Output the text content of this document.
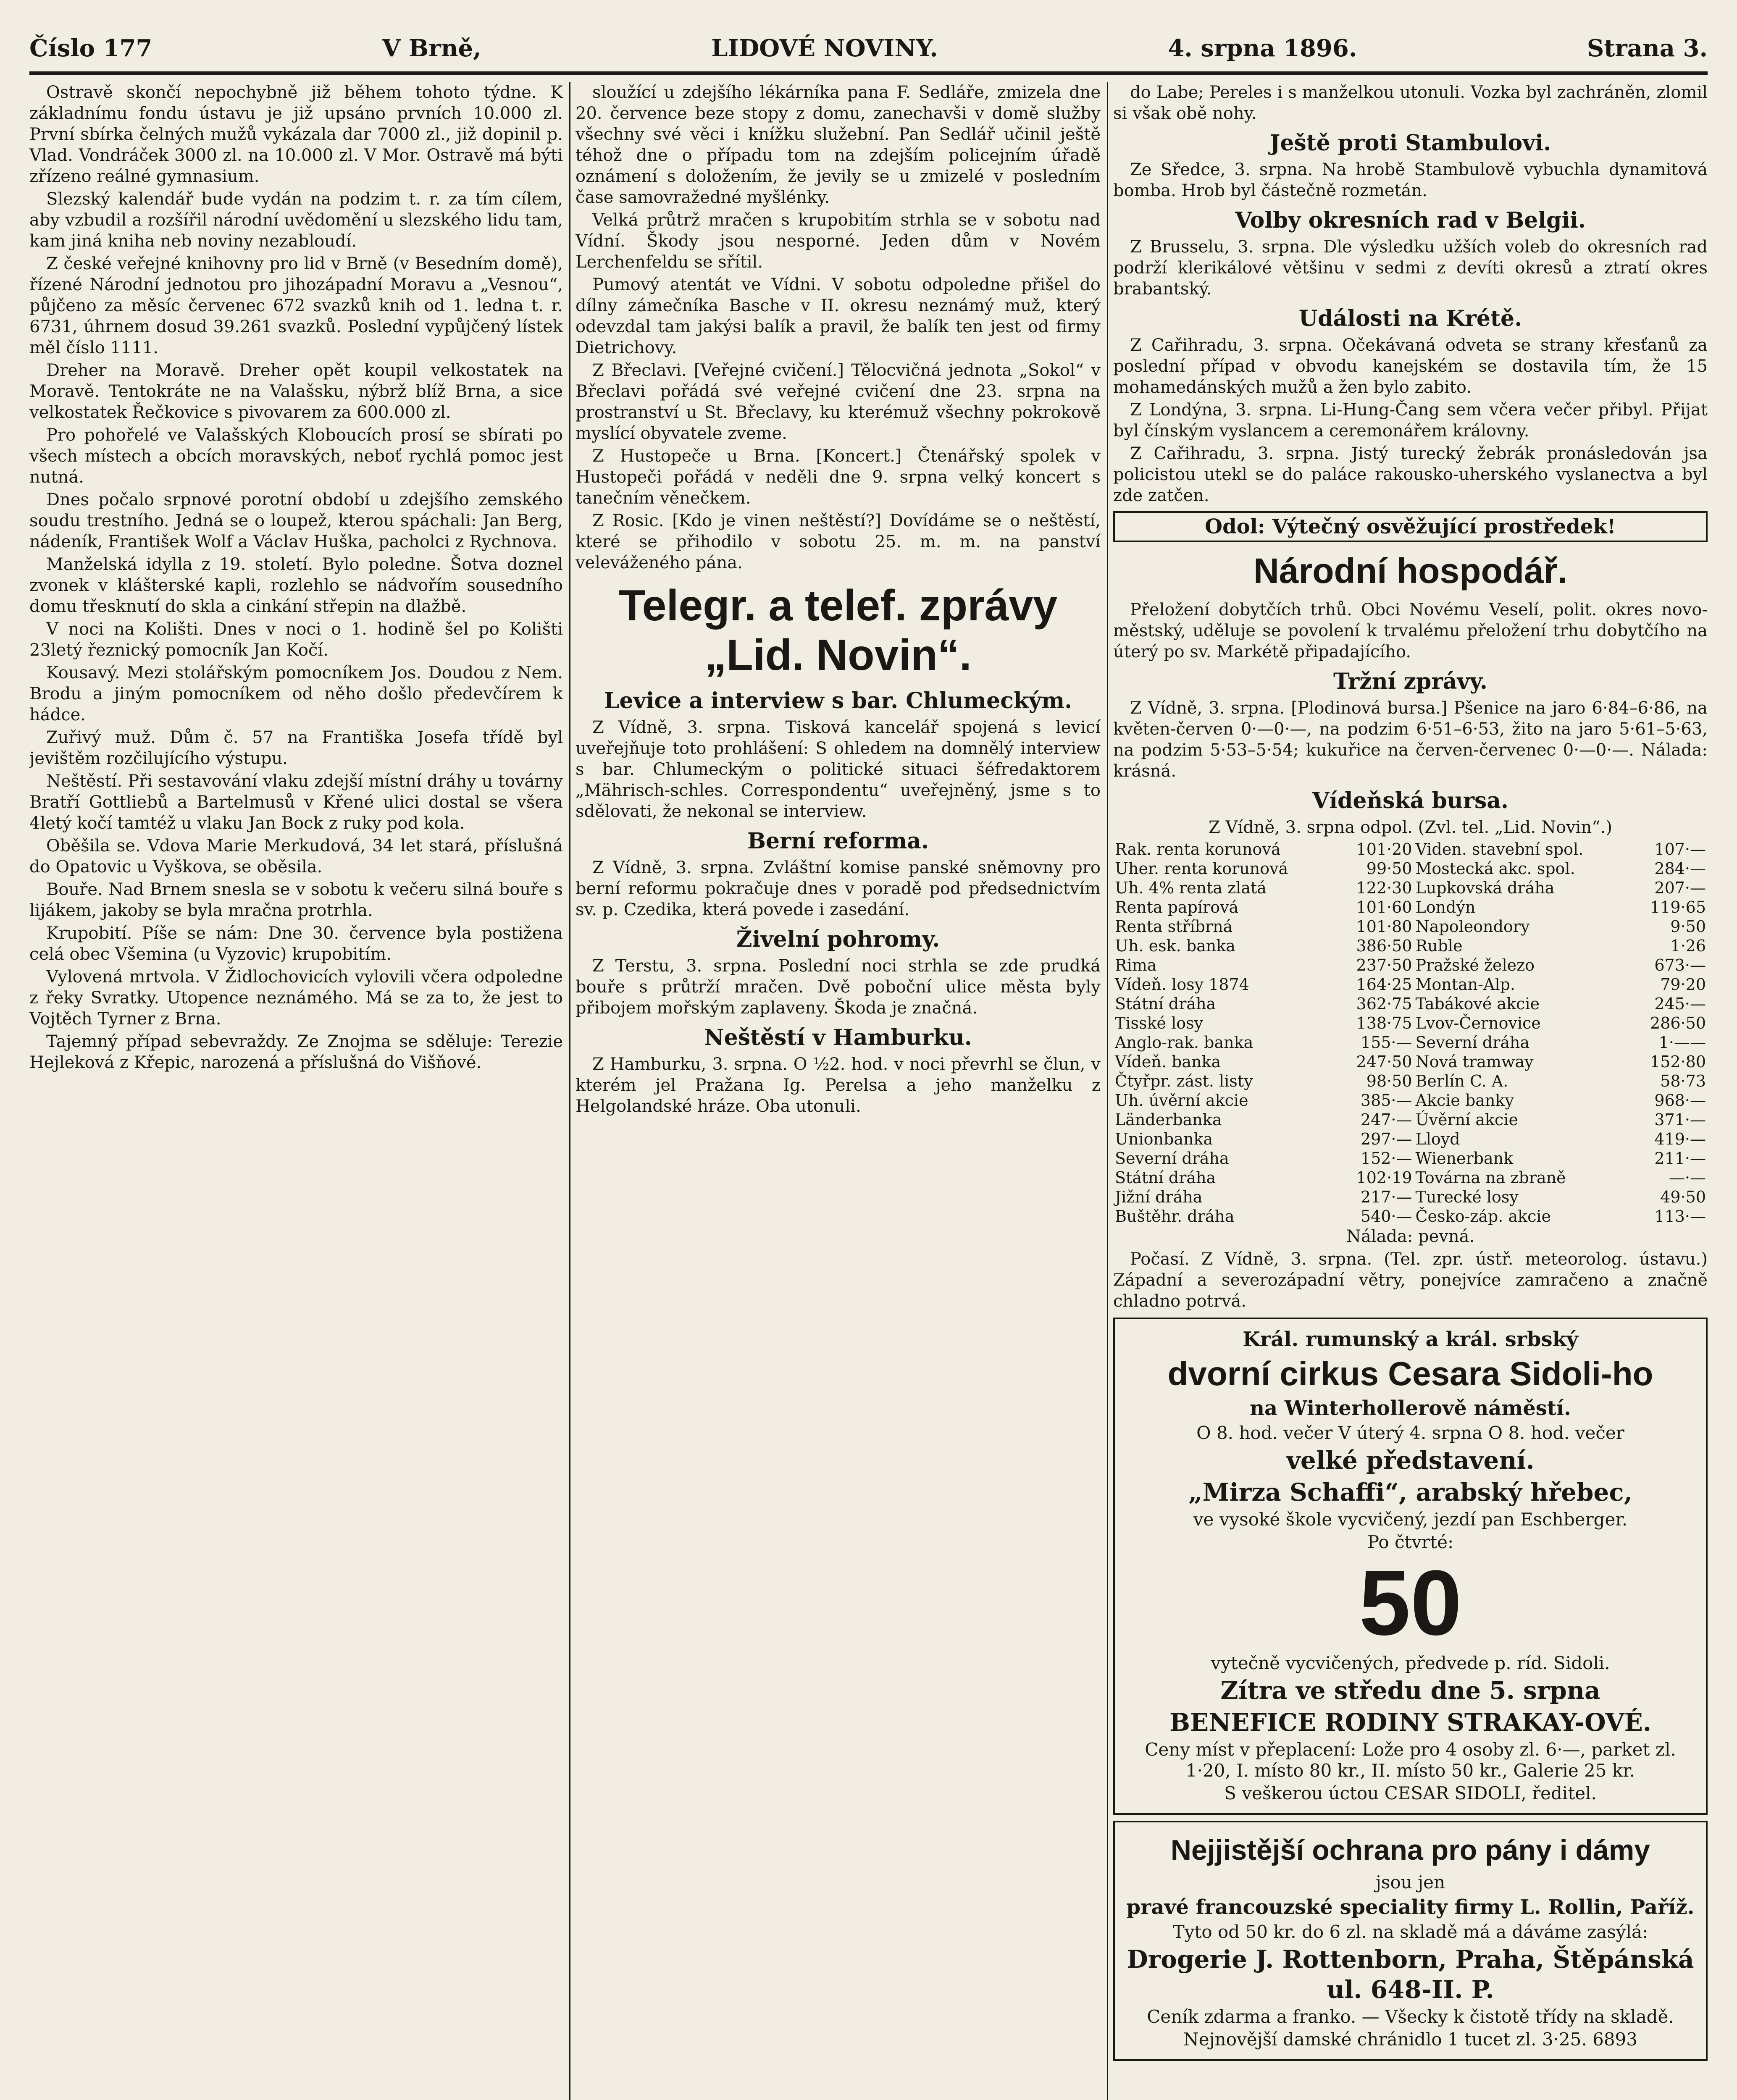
Číslo 177	V Brně,	LIDOVÉ NOVINY.	4. srpna 1896.	Strana 3.

Ostravě skončí nepochybně již během tohoto týdne. K základnímu fondu ústavu je již upsáno prvních 10.000 zl. První sbírka čelných mužů vykázala dar 7000 zl., již dopinil p. Vlad. Vondráček 3000 zl. na 10.000 zl. V Mor. Ostravě má býti zřízeno reálné gymnasium.

Slezský kalendář bude vydán na podzim t. r. za tím cílem, aby vzbudil a rozšířil národní uvědomění u slezského lidu tam, kam jiná kniha neb noviny nezabloudí.

Z české veřejné knihovny pro lid v Brně (v Besedním domě), řízené Národní jednotou pro jihozápadní Moravu a „Vesnou“, půjčeno za měsíc červenec 672 svazků knih od 1. ledna t. r. 6731, úhrnem dosud 39.261 svazků. Poslední vypůjčený lístek měl číslo 1111.

Dreher na Moravě. Dreher opět koupil velkostatek na Moravě. Tentokráte ne na Valašsku, nýbrž blíž Brna, a sice velkostatek Řečkovice s pivovarem za 600.000 zl.

Pro pohořelé ve Valašských Kloboucích prosí se sbírati po všech místech a obcích moravských, neboť rychlá pomoc jest nutná.

Dnes počalo srpnové porotní období u zdejšího zemského soudu trestního. Jedná se o loupež, kterou spáchali: Jan Berg, nádeník, František Wolf a Václav Huška, pacholci z Rychnova.

Manželská idylla z 19. století. Bylo poledne. Šotva doznel zvonek v klášterské kapli, rozlehlo se nádvořím sousedního domu třesknutí do skla a cinkání střepin na dlažbě.

V noci na Kolišti. Dnes v noci o 1. hodině šel po Kolišti 23letý řeznický pomocník Jan Kočí.

Kousavý. Mezi stolářským pomocníkem Jos. Doudou z Nem. Brodu a jiným pomocníkem od něho došlo předevčírem k hádce.

Zuřivý muž. Dům č. 57 na Františka Josefa třídě byl jevištěm rozčilujícího výstupu.

Neštěstí. Při sestavování vlaku zdejší místní dráhy u továrny Bratří Gottliebů a Bartelmusů v Křené ulici dostal se všera 4letý kočí tamtéž u vlaku Jan Bock z ruky pod kola.

Oběšila se. Vdova Marie Merkudová, 34 let stará, příslušná do Opatovic u Vyškova, se oběsila.

Bouře. Nad Brnem snesla se v sobotu k večeru silná bouře s lijákem, jakoby se byla mračna protrhla.

Krupobití. Píše se nám: Dne 30. července byla postižena celá obec Všemina (u Vyzovic) krupobitím.

Vylovená mrtvola. V Židlochovicích vylovili včera odpoledne z řeky Svratky. Utopence neznámého. Má se za to, že jest to Vojtěch Tyrner z Brna.

Tajemný případ sebevraždy. Ze Znojma se sděluje: Terezie Hejleková z Křepic, narozená a příslušná do Višňové.

sloužící u zdejšího lékárníka pana F. Sedláře, zmizela dne 20. července beze stopy z domu, zanechavši v domě služby všechny své věci i knížku služební. Pan Sedlář učinil ještě téhož dne o případu tom na zdejším policejním úřadě oznámení s doložením, že jevily se u zmizelé v posledním čase samovražedné myšlénky.

Velká průtrž mračen s krupobitím strhla se v sobotu nad Vídní. Škody jsou nesporné. Jeden dům v Novém Lerchenfeldu se sřítil.

Pumový atentát ve Vídni. V sobotu odpoledne přišel do dílny zámečníka Basche v II. okresu neznámý muž, který odevzdal tam jakýsi balík a pravil, že balík ten jest od firmy Dietrichovy.

Z Břeclavi. [Veřejné cvičení.] Tělocvičná jednota „Sokol“ v Břeclavi pořádá své veřejné cvičení dne 23. srpna na prostranství u St. Břeclavy, ku kterémuž všechny pokrokově myslící obyvatele zveme.

Z Hustopeče u Brna. [Koncert.] Čtenářský spolek v Hustopeči pořádá v neděli dne 9. srpna velký koncert s tanečním věnečkem.

Z Rosic. [Kdo je vinen neštěstí?] Dovídáme se o neštěstí, které se přihodilo v sobotu 25. m. m. na panství veleváženého pána.

Telegr. a telef. zprávy „Lid. Novin“.

Levice a interview s bar. Chlumeckým.

Z Vídně, 3. srpna. Tisková kancelář spojená s levicí uveřejňuje toto prohlášení: S ohledem na domnělý interview s bar. Chlumeckým o politické situaci šéfredaktorem „Mährisch-schles. Correspondentu“ uveřejněný, jsme s to sdělovati, že nekonal se interview.

Berní reforma.

Z Vídně, 3. srpna. Zvláštní komise panské sněmovny pro berní reformu pokračuje dnes v poradě pod předsednictvím sv. p. Czedika, která povede i zasedání.

Živelní pohromy.

Z Terstu, 3. srpna. Poslední noci strhla se zde prudká bouře s průtrží mračen. Dvě poboční ulice města byly přibojem mořským zaplaveny. Škoda je značná.

Neštěstí v Hamburku.

Z Hamburku, 3. srpna. O ½2. hod. v noci převrhl se člun, v kterém jel Pražana Ig. Perelsa a jeho manželku z Helgolandské hráze. Oba utonuli.

do Labe; Pereles i s manželkou utonuli. Vozka byl zachráněn, zlomil si však obě nohy.

Ještě proti Stambulovi.

Ze Sředce, 3. srpna. Na hrobě Stambulově vybuchla dynamitová bomba. Hrob byl částečně rozmetán.

Volby okresních rad v Belgii.

Z Brusselu, 3. srpna. Dle výsledku užších voleb do okresních rad podrží klerikálové většinu v sedmi z devíti okresů a ztratí okres brabantský.

Události na Krétě.

Z Cařihradu, 3. srpna. Očekávaná odveta se strany křesťanů za poslední případ v obvodu kanejském se dostavila tím, že 15 mohamedánských mužů a žen bylo zabito.

Z Londýna, 3. srpna. Li-Hung-Čang sem včera večer přibyl. Přijat byl čínským vyslancem a ceremonářem královny.

Z Cařihradu, 3. srpna. Jistý turecký žebrák pronásledován jsa policistou utekl se do paláce rakousko-uherského vyslanectva a byl zde zatčen.

Odol: Výtečný osvěžující prostředek!

Národní hospodář.

Přeložení dobytčích trhů. Obci Novému Veselí, polit. okres novo-městský, uděluje se povolení k trvalému přeložení trhu dobytčího na úterý po sv. Markétě připadajícího.

Tržní zprávy.

Z Vídně, 3. srpna. [Plodinová bursa.] Pšenice na jaro 6·84–6·86, na květen-červen 0·—0·—, na podzim 6·51–6·53, žito na jaro 5·61–5·63, na podzim 5·53–5·54; kukuřice na červen-červenec 0·—0·—. Nálada: krásná.

Vídeňská bursa.

Z Vídně, 3. srpna odpol. (Zvl. tel. „Lid. Novin“.)

Rak. renta korunová	101·20	Viden. stavební spol.	107·—
Uher. renta korunová	99·50	Mostecká akc. spol.	284·—
Uh. 4% renta zlatá	122·30	Lupkovská dráha	207·—
Renta papírová	101·60	Londýn	119·65
Renta stříbrná	101·80	Napoleondory	9·50
Uh. esk. banka	386·50	Ruble	1·26
Rima	237·50	Pražské železo	673·—
Vídeň. losy 1874	164·25	Montan-Alp.	79·20
Státní dráha	362·75	Tabákové akcie	245·—
Tisské losy	138·75	Lvov-Černovice	286·50
Anglo-rak. banka	155·—	Severní dráha	1·——
Vídeň. banka	247·50	Nová tramway	152·80
Čtyřpr. zást. listy	98·50	Berlín C. A.	58·73
Uh. úvěrní akcie	385·—	Akcie banky	968·—
Länderbanka	247·—	Úvěrní akcie	371·—
Unionbanka	297·—	Lloyd	419·—
Severní dráha	152·—	Wienerbank	211·—
Státní dráha	102·19	Továrna na zbraně	—·—
Jižní dráha	217·—	Turecké losy	49·50
Buštěhr. dráha	540·—	Česko-záp. akcie	113·—

Nálada: pevná.

Počasí. Z Vídně, 3. srpna. (Tel. zpr. ústř. meteorolog. ústavu.) Západní a severozápadní větry, ponejvíce zamračeno a značně chladno potrvá.

Král. rumunský a král. srbský

dvorní cirkus Cesara Sidoli-ho

na Winterhollerově náměstí.

O 8. hod. večer V úterý 4. srpna O 8. hod. večer

velké představení.

„Mirza Schaffi“, arabský hřebec,

ve vysoké škole vycvičený, jezdí pan Eschberger.

Po čtvrté:

50

vytečně vycvičených, předvede p. ríd. Sidoli.

Zítra ve středu dne 5. srpna

BENEFICE RODINY STRAKAY-OVÉ.

Ceny míst v přeplacení: Lože pro 4 osoby zl. 6·—, parket zl. 1·20, I. místo 80 kr., II. místo 50 kr., Galerie 25 kr.

S veškerou úctou CESAR SIDOLI, ředitel.

Nejjistější ochrana pro pány i dámy

jsou jen

pravé francouzské speciality firmy L. Rollin, Paříž.

Tyto od 50 kr. do 6 zl. na skladě má a dáváme zasýlá:

Drogerie J. Rottenborn, Praha, Štěpánská ul. 648-II. P.

Ceník zdarma a franko. — Všecky k čistotě třídy na skladě.

Nejnovější damské chránidlo 1 tucet zl. 3·25. 6893
